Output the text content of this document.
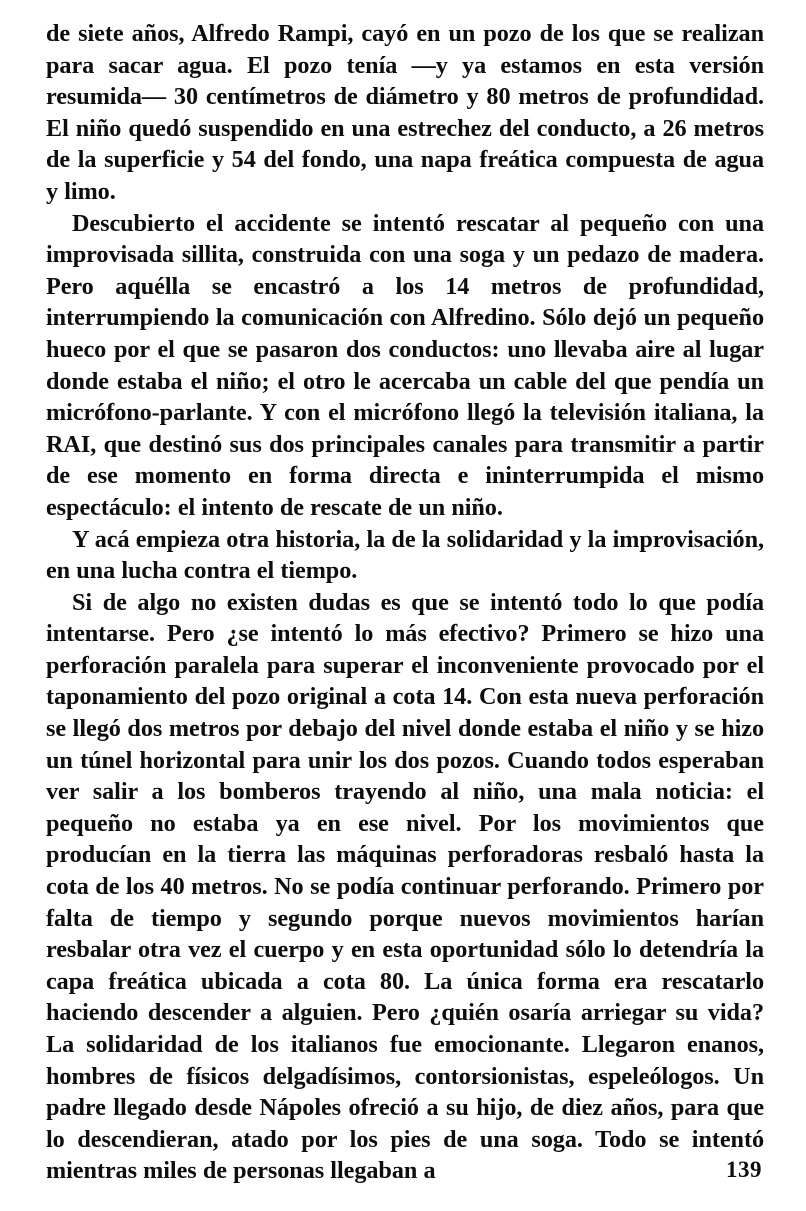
de siete años, Alfredo Rampi, cayó en un pozo de los que se realizan para sacar agua. El pozo tenía —y ya estamos en esta versión resumida— 30 centímetros de diámetro y 80 metros de profundidad. El niño quedó suspendido en una estrechez del conducto, a 26 metros de la superficie y 54 del fondo, una napa freática compuesta de agua y limo.

Descubierto el accidente se intentó rescatar al pequeño con una improvisada sillita, construida con una soga y un pedazo de madera. Pero aquélla se encastró a los 14 metros de profundidad, interrumpiendo la comunicación con Alfredino. Sólo dejó un pequeño hueco por el que se pasaron dos conductos: uno llevaba aire al lugar donde estaba el niño; el otro le acercaba un cable del que pendía un micrófono-parlante. Y con el micrófono llegó la televisión italiana, la RAI, que destinó sus dos principales canales para transmitir a partir de ese momento en forma directa e ininterrumpida el mismo espectáculo: el intento de rescate de un niño.

Y acá empieza otra historia, la de la solidaridad y la improvisación, en una lucha contra el tiempo.

Si de algo no existen dudas es que se intentó todo lo que podía intentarse. Pero ¿se intentó lo más efectivo? Primero se hizo una perforación paralela para superar el inconveniente provocado por el taponamiento del pozo original a cota 14. Con esta nueva perforación se llegó dos metros por debajo del nivel donde estaba el niño y se hizo un túnel horizontal para unir los dos pozos. Cuando todos esperaban ver salir a los bomberos trayendo al niño, una mala noticia: el pequeño no estaba ya en ese nivel. Por los movimientos que producían en la tierra las máquinas perforadoras resbaló hasta la cota de los 40 metros. No se podía continuar perforando. Primero por falta de tiempo y segundo porque nuevos movimientos harían resbalar otra vez el cuerpo y en esta oportunidad sólo lo detendría la capa freática ubicada a cota 80. La única forma era rescatarlo haciendo descender a alguien. Pero ¿quién osaría arriegar su vida? La solidaridad de los italianos fue emocionante. Llegaron enanos, hombres de físicos delgadísimos, contorsionistas, espeleólogos. Un padre llegado desde Nápoles ofreció a su hijo, de diez años, para que lo descendieran, atado por los pies de una soga. Todo se intentó mientras miles de personas llegaban a	139
